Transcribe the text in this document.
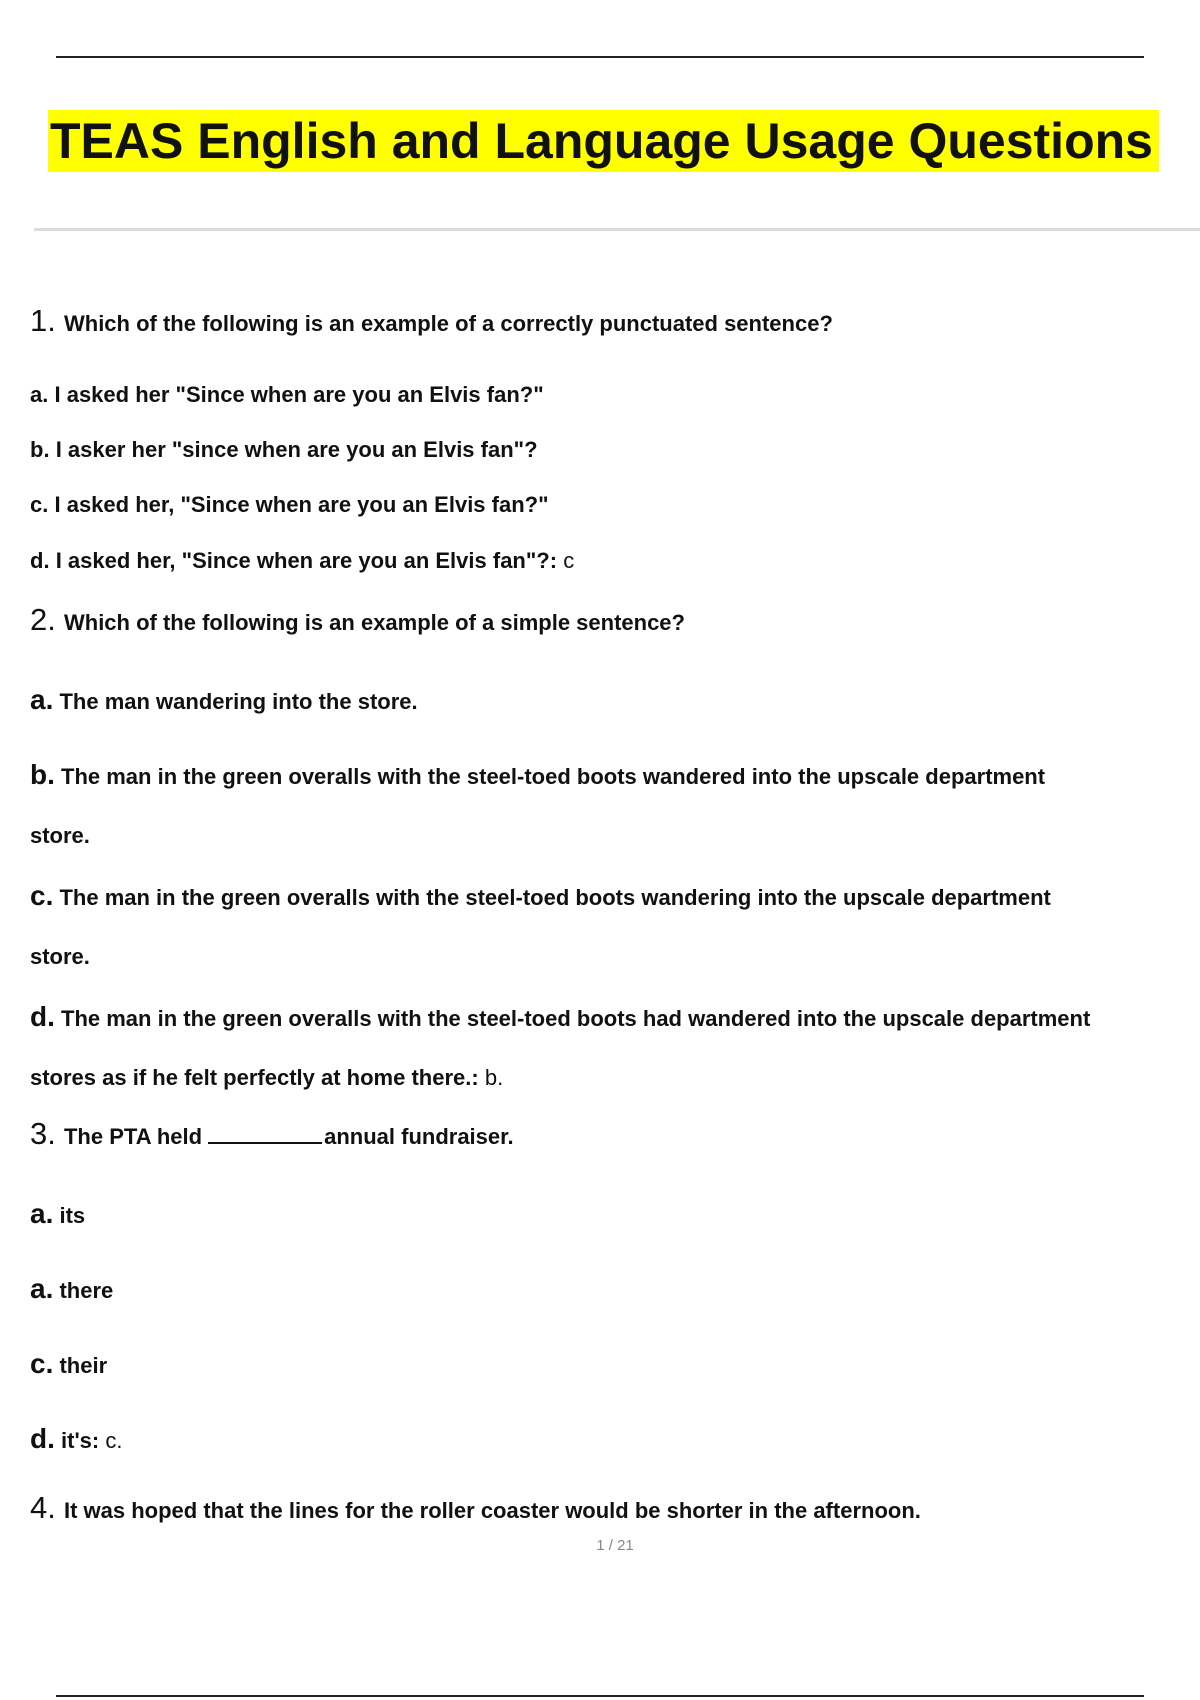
TEAS English and Language Usage Questions
1. Which of the following is an example of a correctly punctuated sentence?
a. I asked her "Since when are you an Elvis fan?"
b. I asker her "since when are you an Elvis fan"?
c. I asked her, "Since when are you an Elvis fan?"
d. I asked her, "Since when are you an Elvis fan"?: c
2. Which of the following is an example of a simple sentence?
a. The man wandering into the store.
b. The man in the green overalls with the steel-toed boots wandered into the upscale department
store.
c. The man in the green overalls with the steel-toed boots wandering into the upscale department
store.
d. The man in the green overalls with the steel-toed boots had wandered into the upscale department
stores as if he felt perfectly at home there.: b.
3. The PTA held	annual fundraiser.
a. its
a. there
c. their
d. it's: c.
4. It was hoped that the lines for the roller coaster would be shorter in the afternoon.
1 / 21
